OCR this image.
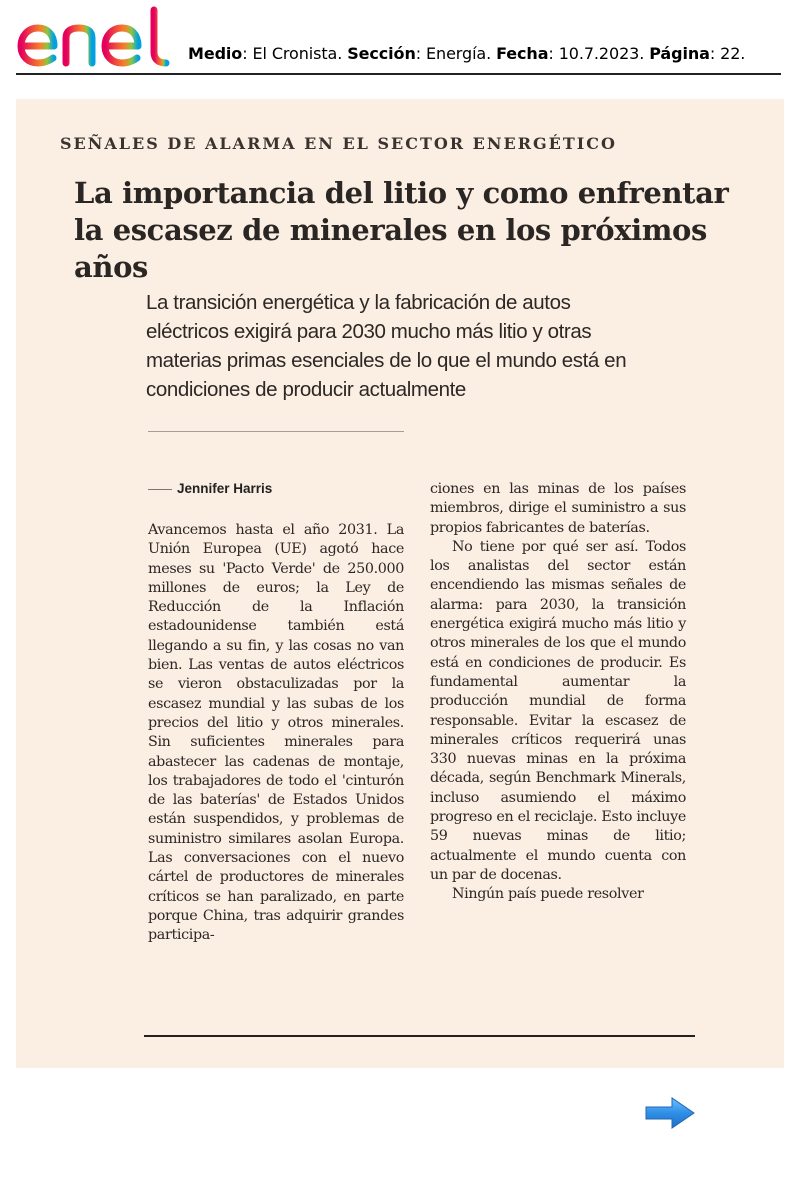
Medio: El Cronista. Sección: Energía. Fecha: 10.7.2023. Página: 22.
SEÑALES DE ALARMA EN EL SECTOR ENERGÉTICO
La importancia del litio y como enfrentar la escasez de minerales en los próximos años
La transición energética y la fabricación de autos eléctricos exigirá para 2030 mucho más litio y otras materias primas esenciales de lo que el mundo está en condiciones de producir actualmente
Jennifer Harris

Avancemos hasta el año 2031. La Unión Europea (UE) agotó hace meses su 'Pacto Verde' de 250.000 millones de euros; la Ley de Reducción de la Inflación estadounidense también está llegando a su fin, y las cosas no van bien. Las ventas de autos eléctricos se vieron obstaculizadas por la escasez mundial y las subas de los precios del litio y otros minerales. Sin suficientes minerales para abastecer las cadenas de montaje, los trabajadores de todo el 'cinturón de las baterías' de Estados Unidos están suspendidos, y problemas de suministro similares asolan Europa. Las conversaciones con el nuevo cártel de productores de minerales críticos se han paralizado, en parte porque China, tras adquirir grandes participa-

ciones en las minas de los países miembros, dirige el suministro a sus propios fabricantes de baterías.

No tiene por qué ser así. Todos los analistas del sector están encendiendo las mismas señales de alarma: para 2030, la transición energética exigirá mucho más litio y otros minerales de los que el mundo está en condiciones de producir. Es fundamental aumentar la producción mundial de forma responsable. Evitar la escasez de minerales críticos requerirá unas 330 nuevas minas en la próxima década, según Benchmark Minerals, incluso asumiendo el máximo progreso en el reciclaje. Esto incluye 59 nuevas minas de litio; actualmente el mundo cuenta con un par de docenas.

Ningún país puede resolver
